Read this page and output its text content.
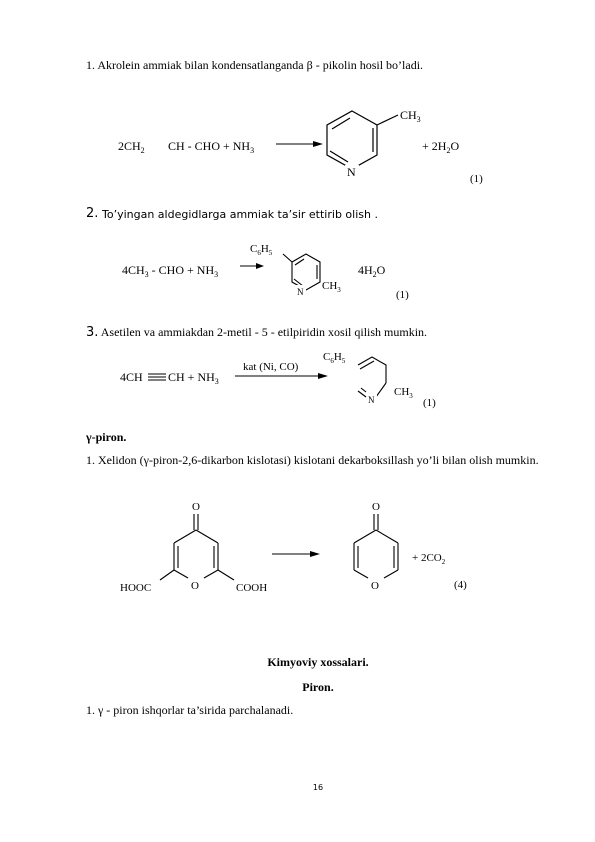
1. Akrolein ammiak bilan kondensatlanganda β - pikolin hosil bo’ladi.
$2CH_2$ CH - CHO + $NH_3$
N
$CH_3$
+ $2H_2O$
(1)
2. To’yingan aldegidlarga ammiak ta’sir ettirib olish .
$4CH_3$ - CHO + $NH_3$
$C_6H_5$
N $CH_3$
$4H_2O$
(1)
3. Asetilen va ammiakdan 2-metil - 5 - etilpiridin xosil qilish mumkin.
4CH CH + $NH_3$
kat (Ni, CO)
$C_6H_5$
N
$CH_3$
(1)
γ-piron.
1. Xelidon (γ-piron-2,6-dikarbon kislotasi) kislotani dekarboksillash yo’li bilan olish mumkin.
O
O
HOOC	COOH
O
O
+ $2CO_2$
(4)
Kimyoviy xossalari.
Piron.
1. γ - piron ishqorlar ta’sirida parchalanadi.
16
